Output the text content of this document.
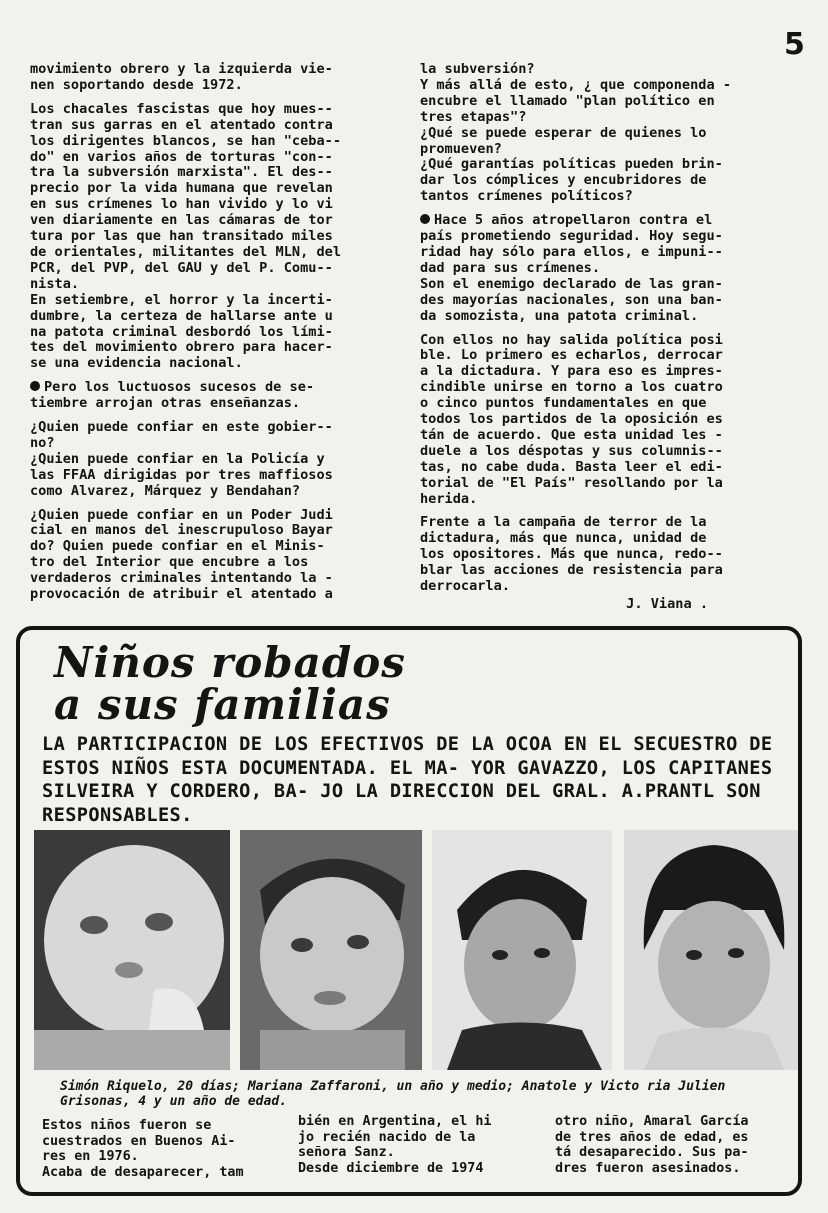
5

movimiento obrero y la izquierda vie-
nen soportando desde 1972.

Los chacales fascistas que hoy mues--
tran sus garras en el atentado contra
los dirigentes blancos, se han "ceba--
do" en varios años de torturas "con--
tra la subversión marxista". El des--
precio por la vida humana que revelan
en sus crímenes lo han vivido y lo vi
ven diariamente en las cámaras de tor
tura por las que han transitado miles
de orientales, militantes del MLN, del
PCR, del PVP, del GAU y del P. Comu--
nista.

En setiembre, el horror y la incerti-
dumbre, la certeza de hallarse ante u
na patota criminal desbordó los lími-
tes del movimiento obrero para hacer-
se una evidencia nacional.

Pero los luctuosos sucesos de se-
tiembre arrojan otras enseñanzas.

¿Quien puede confiar en este gobier--
no?

¿Quien puede confiar en la Policía y
las FFAA dirigidas por tres maffiosos
como Alvarez, Márquez y Bendahan?

¿Quien puede confiar en un Poder Judi
cial en manos del inescrupuloso Bayar
do? Quien puede confiar en el Minis-
tro del Interior que encubre a los
verdaderos criminales intentando la -
provocación de atribuir el atentado a

la subversión?

Y más allá de esto, ¿ que componenda -
encubre el llamado "plan político en
tres etapas"?

¿Qué se puede esperar de quienes lo
promueven?

¿Qué garantías políticas pueden brin-
dar los cómplices y encubridores de
tantos crímenes políticos?

Hace 5 años atropellaron contra el
país prometiendo seguridad. Hoy segu-
ridad hay sólo para ellos, e impuni--
dad para sus crímenes.

Son el enemigo declarado de las gran-
des mayorías nacionales, son una ban-
da somozista, una patota criminal.

Con ellos no hay salida política posi
ble. Lo primero es echarlos, derrocar
a la dictadura. Y para eso es impres-
cindible unirse en torno a los cuatro
o cinco puntos fundamentales en que
todos los partidos de la oposición es
tán de acuerdo. Que esta unidad les -
duele a los déspotas y sus columnis--
tas, no cabe duda. Basta leer el edi-
torial de "El País" resollando por la
herida.

Frente a la campaña de terror de la
dictadura, más que nunca, unidad de
los opositores. Más que nunca, redo--
blar las acciones de resistencia para
derrocarla.

J. Viana .
Niños robados
a sus familias
LA PARTICIPACION DE LOS EFECTIVOS DE LA OCOA EN EL SECUESTRO DE ESTOS NIÑOS ESTA DOCUMENTADA. EL MA- YOR GAVAZZO, LOS CAPITANES SILVEIRA Y CORDERO, BA- JO LA DIRECCION DEL GRAL. A.PRANTL SON RESPONSABLES.
Simón Riquelo, 20 días; Mariana Zaffaroni, un año y medio; Anatole y Victo ria Julien Grisonas, 4 y un año de edad.
Estos niños fueron se
cuestrados en Buenos Ai-
res en 1976.
Acaba de desaparecer, tam
bién en Argentina, el hi
jo recién nacido de la
señora Sanz.
Desde diciembre de 1974
otro niño, Amaral García
de tres años de edad, es
tá desaparecido. Sus pa-
dres fueron asesinados.
